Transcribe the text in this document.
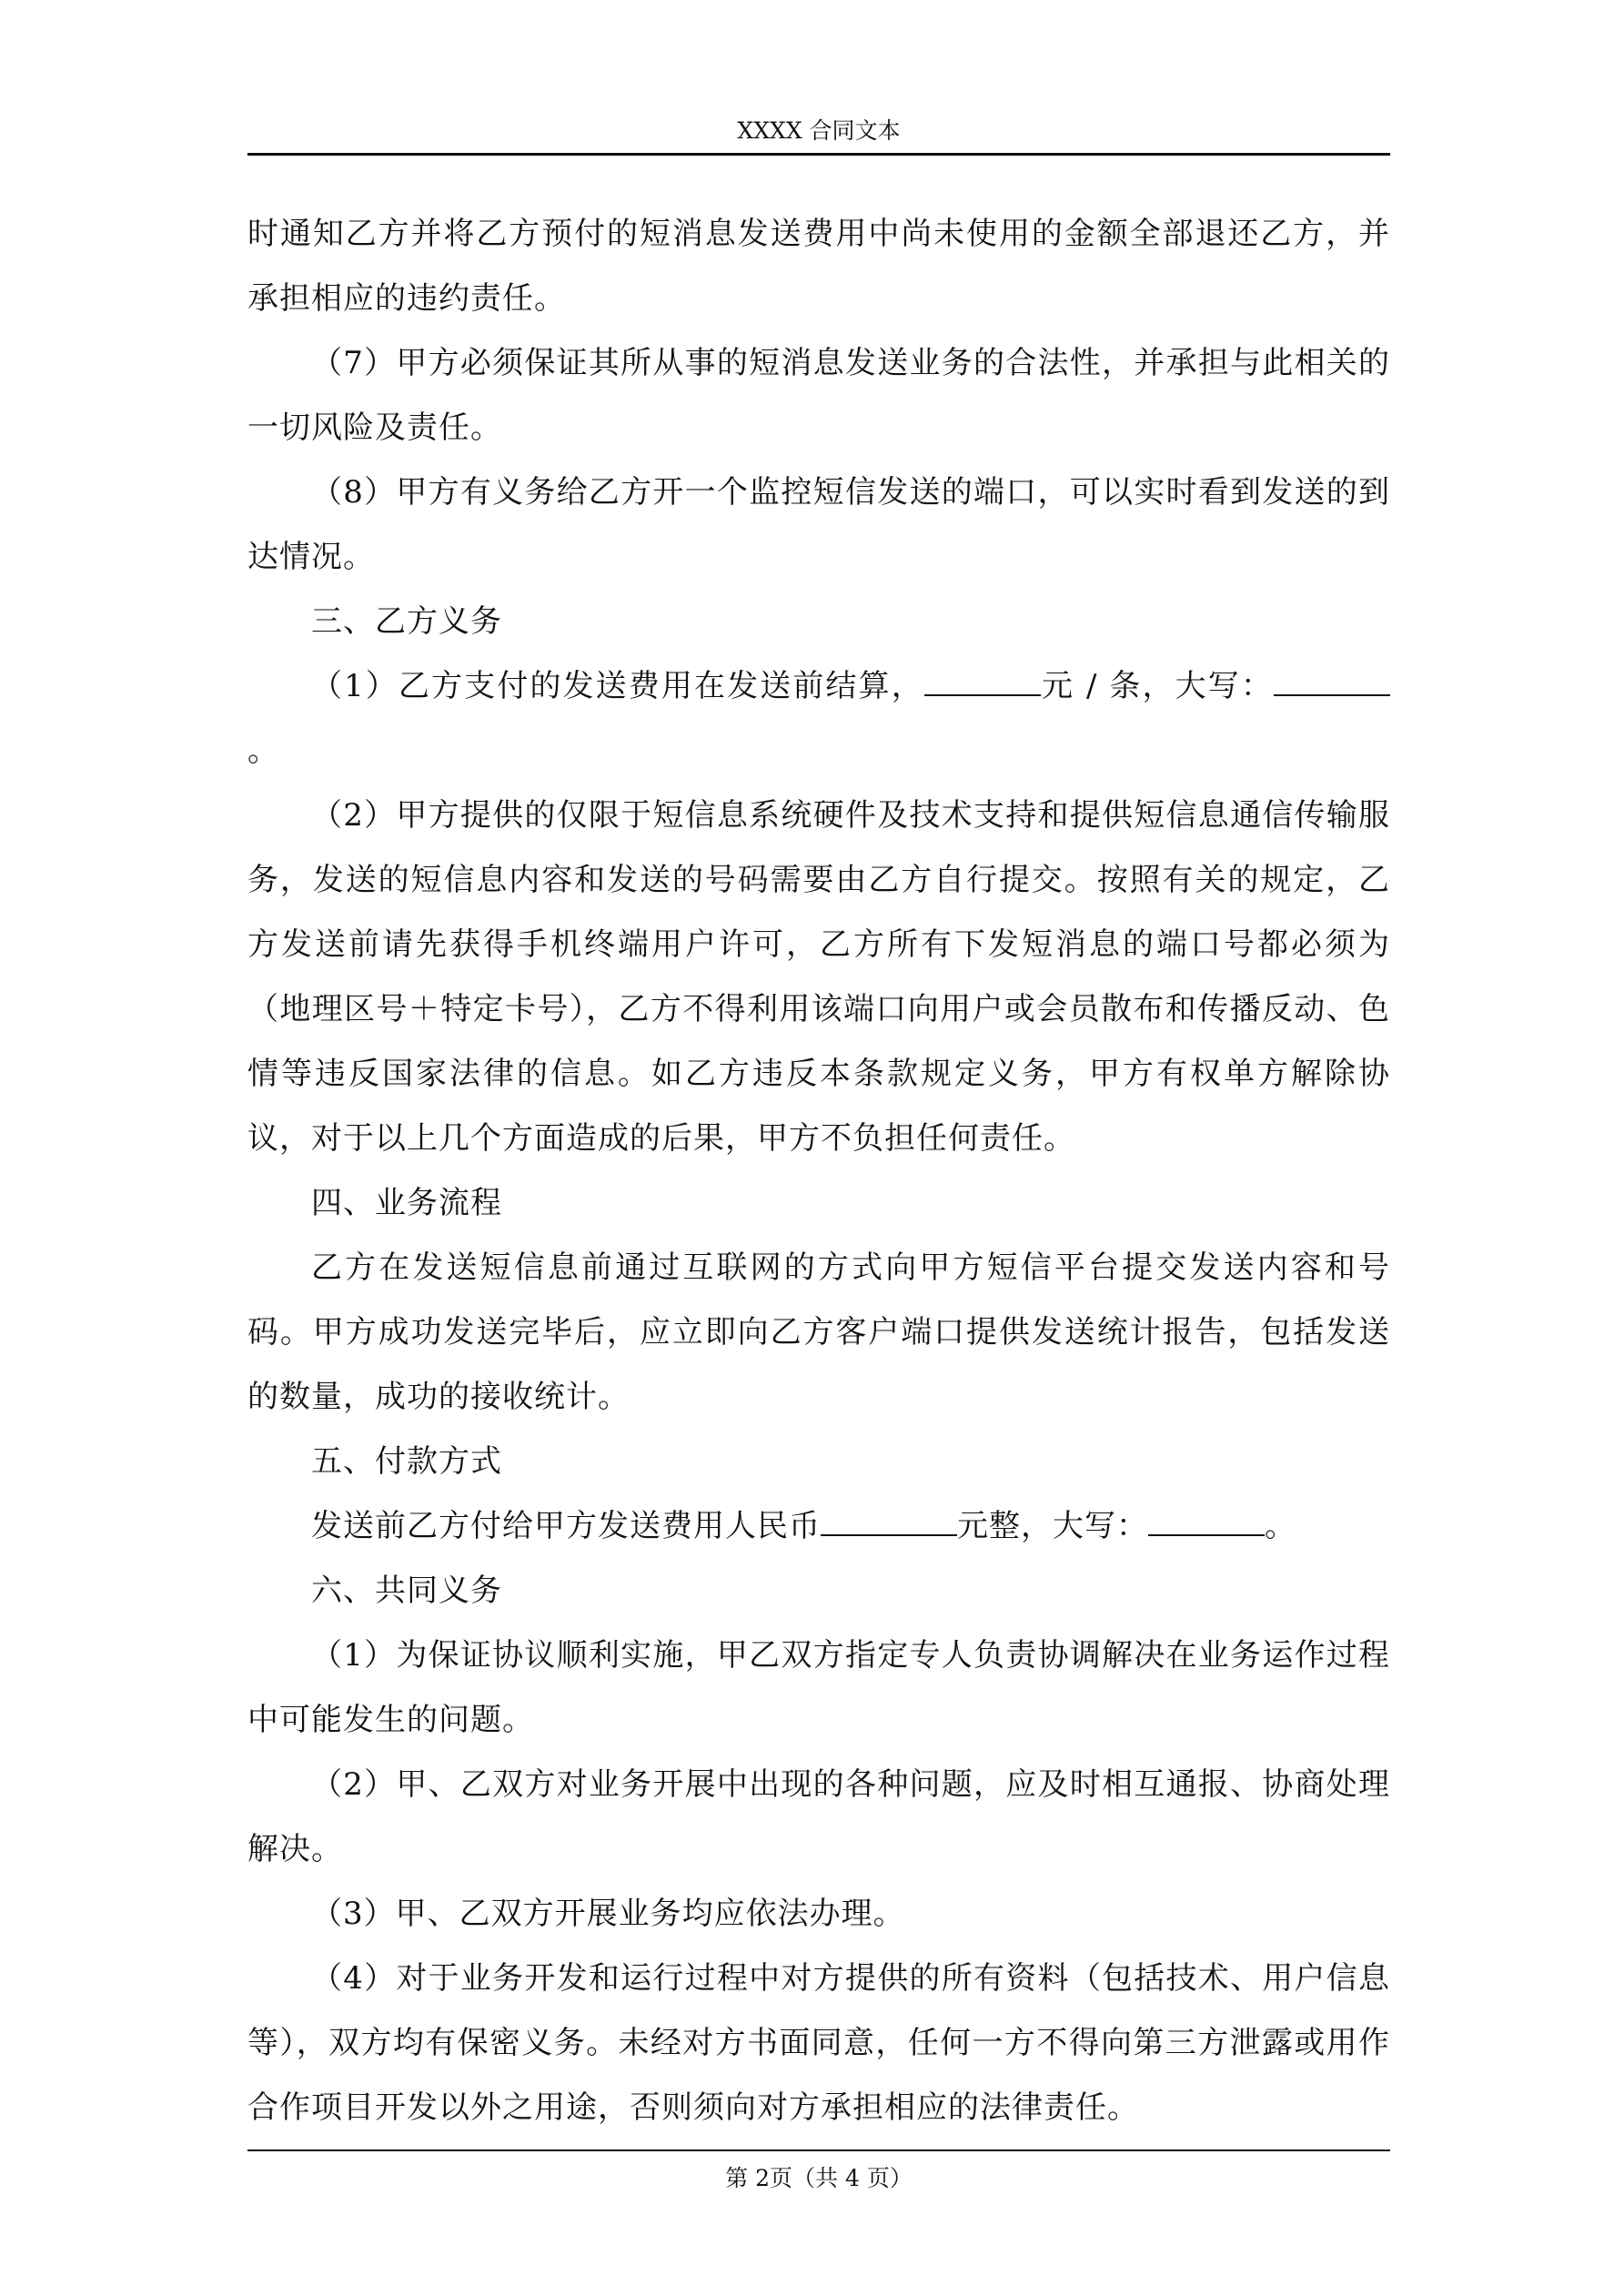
XXXX 合同文本

时通知乙方并将乙方预付的短消息发送费用中尚未使用的金额全部退还乙方，并承担相应的违约责任。

（7）甲方必须保证其所从事的短消息发送业务的合法性，并承担与此相关的一切风险及责任。

（8）甲方有义务给乙方开一个监控短信发送的端口，可以实时看到发送的到达情况。

三、乙方义务

（1）乙方支付的发送费用在发送前结算，	元 / 条，大写：。

（2）甲方提供的仅限于短信息系统硬件及技术支持和提供短信息通信传输服务，发送的短信息内容和发送的号码需要由乙方自行提交。按照有关的规定，乙方发送前请先获得手机终端用户许可，乙方所有下发短消息的端口号都必须为（地理区号＋特定卡号），乙方不得利用该端口向用户或会员散布和传播反动、色情等违反国家法律的信息。如乙方违反本条款规定义务，甲方有权单方解除协议，对于以上几个方面造成的后果，甲方不负担任何责任。

四、业务流程

乙方在发送短信息前通过互联网的方式向甲方短信平台提交发送内容和号码。甲方成功发送完毕后，应立即向乙方客户端口提供发送统计报告，包括发送的数量，成功的接收统计。

五、付款方式

发送前乙方付给甲方发送费用人民币	元整，大写：	。

六、共同义务

（1）为保证协议顺利实施，甲乙双方指定专人负责协调解决在业务运作过程中可能发生的问题。

（2）甲、乙双方对业务开展中出现的各种问题，应及时相互通报、协商处理解决。

（3）甲、乙双方开展业务均应依法办理。

（4）对于业务开发和运行过程中对方提供的所有资料（包括技术、用户信息等），双方均有保密义务。未经对方书面同意，任何一方不得向第三方泄露或用作合作项目开发以外之用途，否则须向对方承担相应的法律责任。

第 2页（共 4 页）
